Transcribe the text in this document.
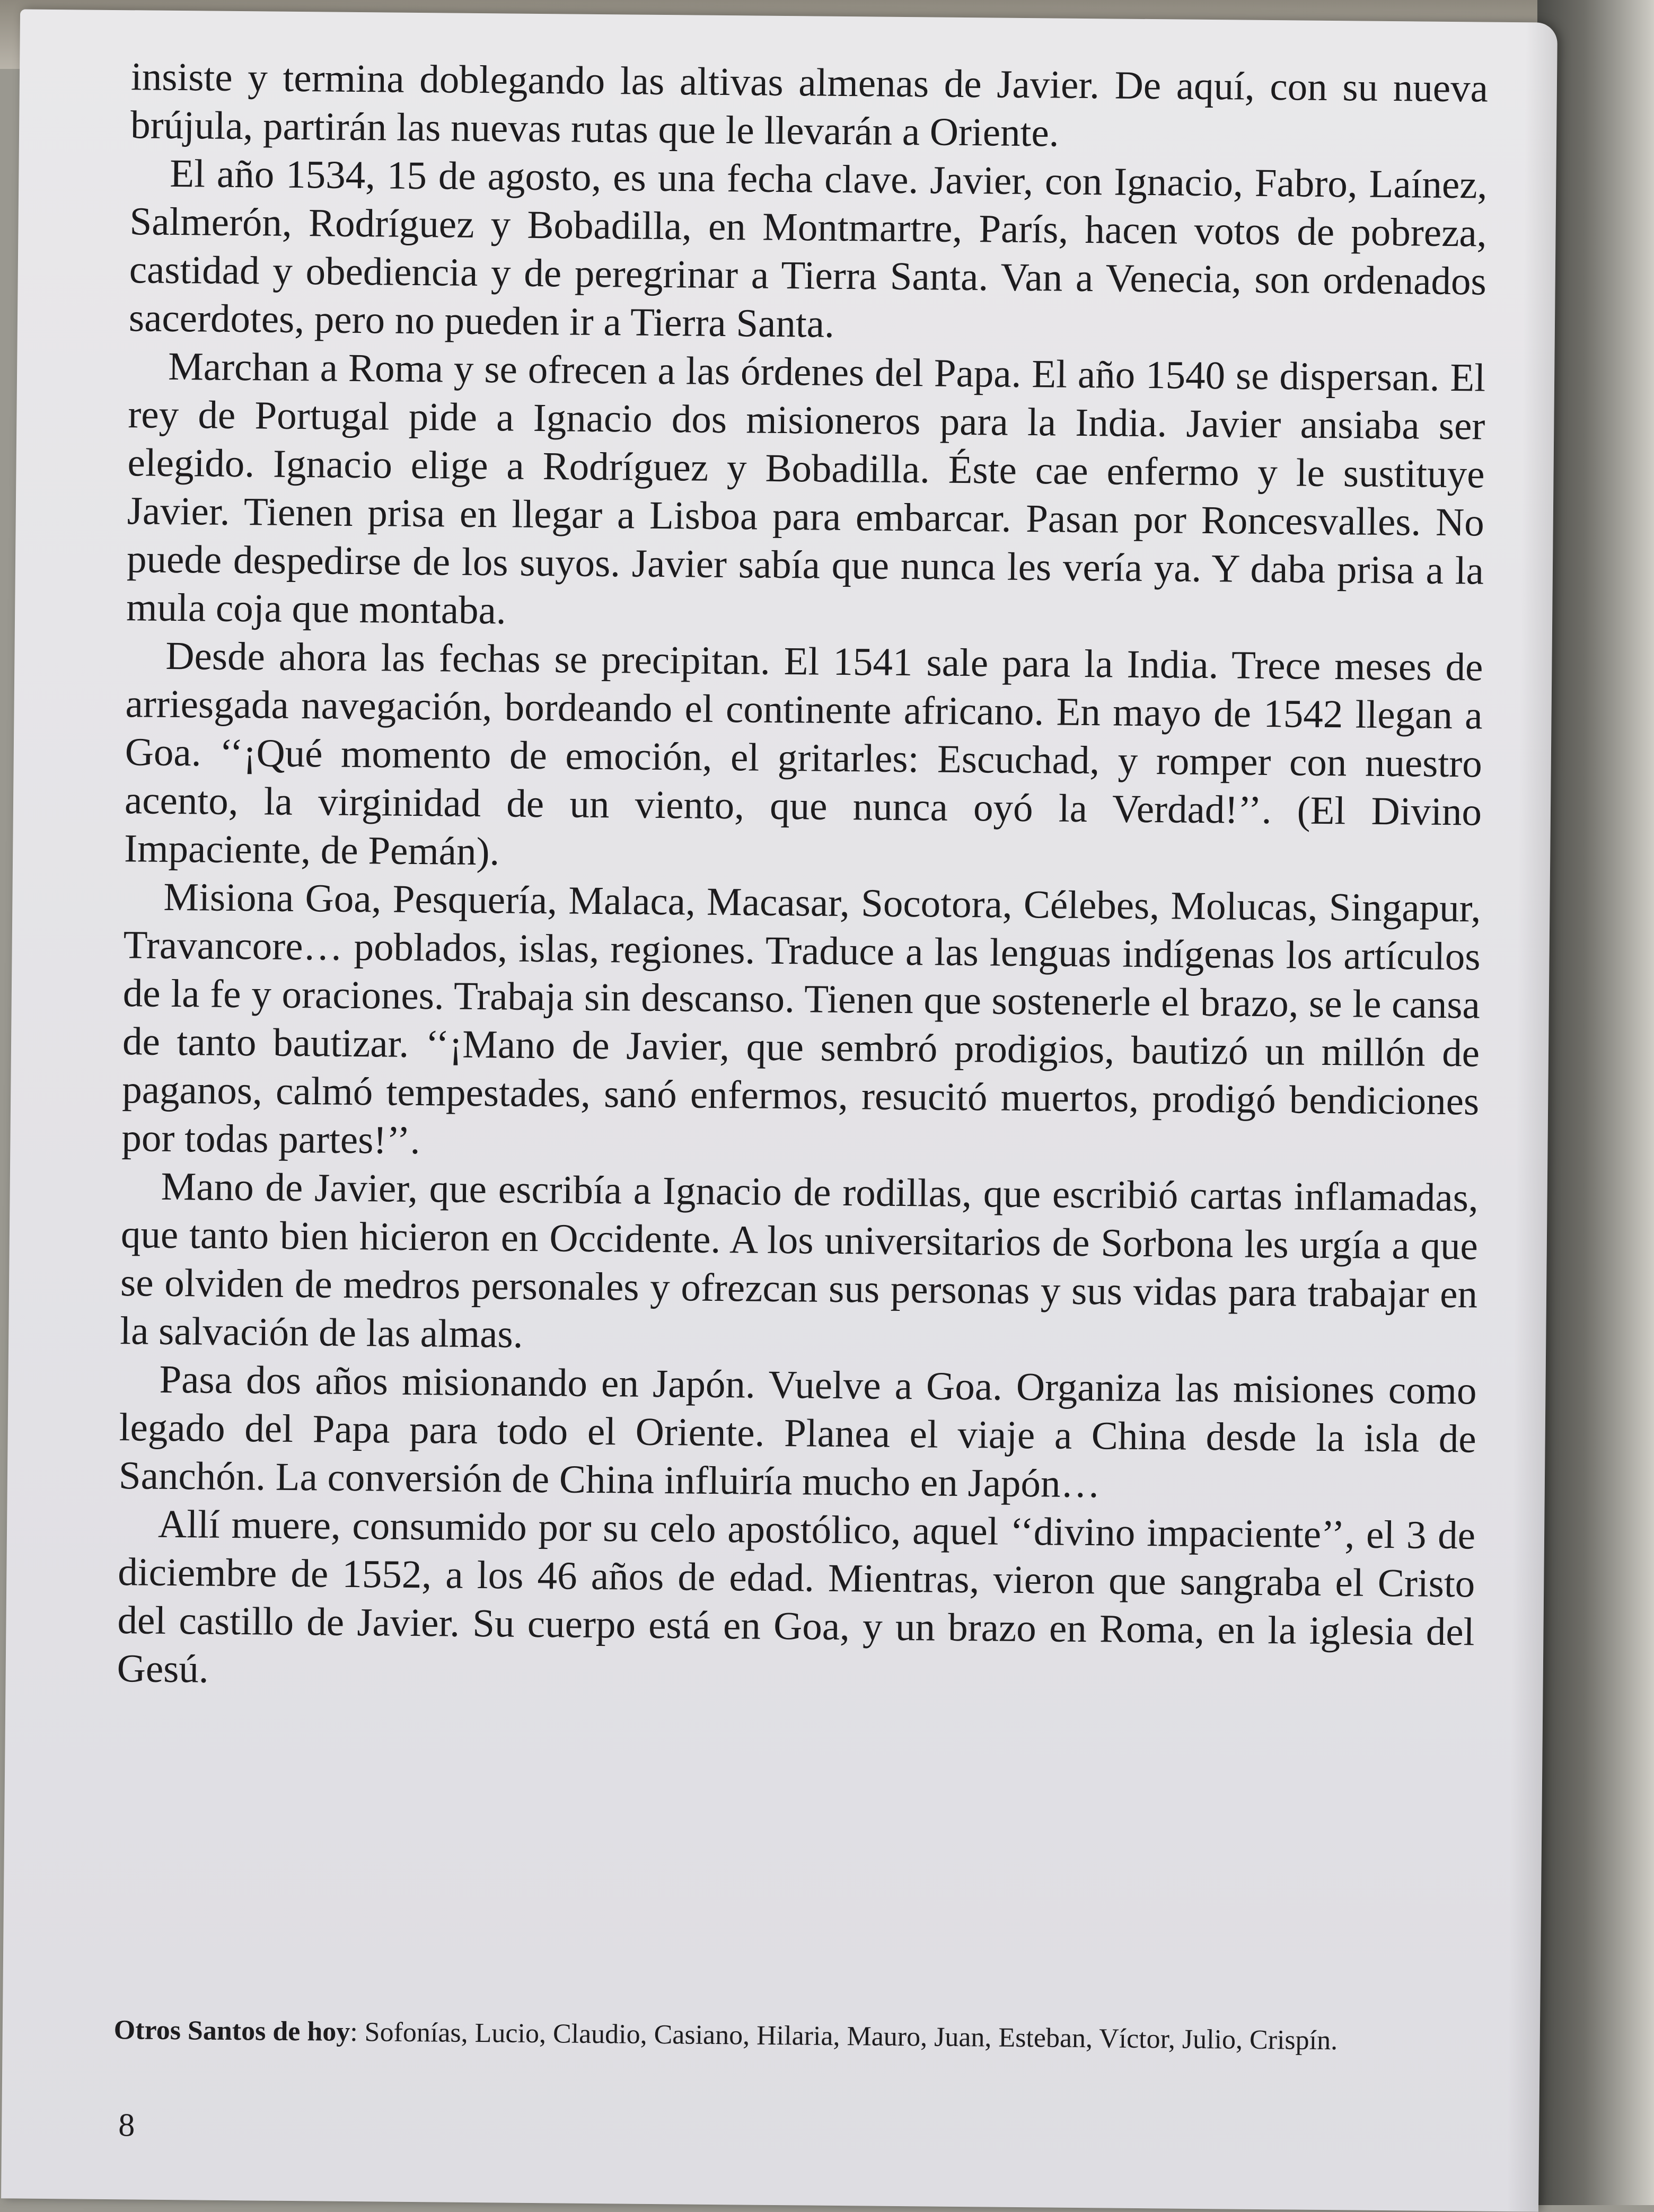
insiste y termina doblegando las altivas almenas de Javier. De aquí, con su nueva brújula, partirán las nuevas rutas que le llevarán a Oriente.

El año 1534, 15 de agosto, es una fecha clave. Javier, con Ignacio, Fabro, Laínez, Salmerón, Rodríguez y Bobadilla, en Montmartre, París, hacen votos de pobreza, castidad y obediencia y de peregrinar a Tierra Santa. Van a Venecia, son ordenados sacerdotes, pero no pueden ir a Tierra Santa.

Marchan a Roma y se ofrecen a las órdenes del Papa. El año 1540 se dispersan. El rey de Portugal pide a Ignacio dos misioneros para la India. Javier ansiaba ser elegido. Ignacio elige a Rodríguez y Bobadilla. Éste cae enfermo y le sustituye Javier. Tienen prisa en llegar a Lisboa para embarcar. Pasan por Roncesvalles. No puede despedirse de los suyos. Javier sabía que nunca les vería ya. Y daba prisa a la mula coja que montaba.

Desde ahora las fechas se precipitan. El 1541 sale para la India. Trece meses de arriesgada navegación, bordeando el continente africano. En mayo de 1542 llegan a Goa. ‘‘¡Qué momento de emoción, el gritarles: Escuchad, y romper con nuestro acento, la virginidad de un viento, que nunca oyó la Verdad!’’. (El Divino Impaciente, de Pemán).

Misiona Goa, Pesquería, Malaca, Macasar, Socotora, Célebes, Molucas, Singapur, Travancore… poblados, islas, regiones. Traduce a las lenguas indígenas los artículos de la fe y oraciones. Trabaja sin descanso. Tienen que sostenerle el brazo, se le cansa de tanto bautizar. ‘‘¡Mano de Javier, que sembró prodigios, bautizó un millón de paganos, calmó tempestades, sanó enfermos, resucitó muertos, prodigó bendiciones por todas partes!’’.

Mano de Javier, que escribía a Ignacio de rodillas, que escribió cartas inflamadas, que tanto bien hicieron en Occidente. A los universitarios de Sorbona les urgía a que se olviden de medros personales y ofrezcan sus personas y sus vidas para trabajar en la salvación de las almas.

Pasa dos años misionando en Japón. Vuelve a Goa. Organiza las misiones como legado del Papa para todo el Oriente. Planea el viaje a China desde la isla de Sanchón. La conversión de China influiría mucho en Japón…

Allí muere, consumido por su celo apostólico, aquel ‘‘divino impaciente’’, el 3 de diciembre de 1552, a los 46 años de edad. Mientras, vieron que sangraba el Cristo del castillo de Javier. Su cuerpo está en Goa, y un brazo en Roma, en la iglesia del Gesú.

Otros Santos de hoy: Sofonías, Lucio, Claudio, Casiano, Hilaria, Mauro, Juan, Esteban, Víctor, Julio, Crispín.
8
